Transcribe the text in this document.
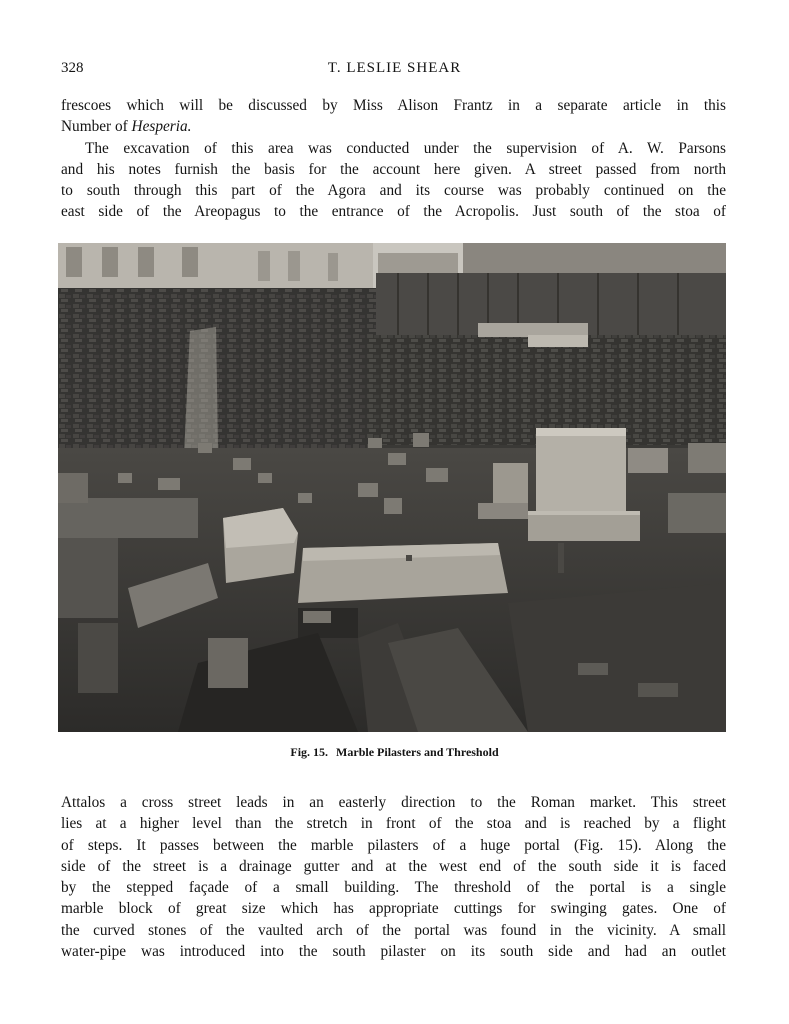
328	T. LESLIE SHEAR
frescoes which will be discussed by Miss Alison Frantz in a separate article in this
Number of Hesperia.
The excavation of this area was conducted under the supervision of A. W. Parsons
and his notes furnish the basis for the account here given. A street passed from north
to south through this part of the Agora and its course was probably continued on the
east side of the Areopagus to the entrance of the Acropolis. Just south of the stoa of
Fig. 15. Marble Pilasters and Threshold
Attalos a cross street leads in an easterly direction to the Roman market. This street
lies at a higher level than the stretch in front of the stoa and is reached by a flight
of steps. It passes between the marble pilasters of a huge portal (Fig. 15). Along the
side of the street is a drainage gutter and at the west end of the south side it is faced
by the stepped façade of a small building. The threshold of the portal is a single
marble block of great size which has appropriate cuttings for swinging gates. One of
the curved stones of the vaulted arch of the portal was found in the vicinity. A small
water-pipe was introduced into the south pilaster on its south side and had an outlet
